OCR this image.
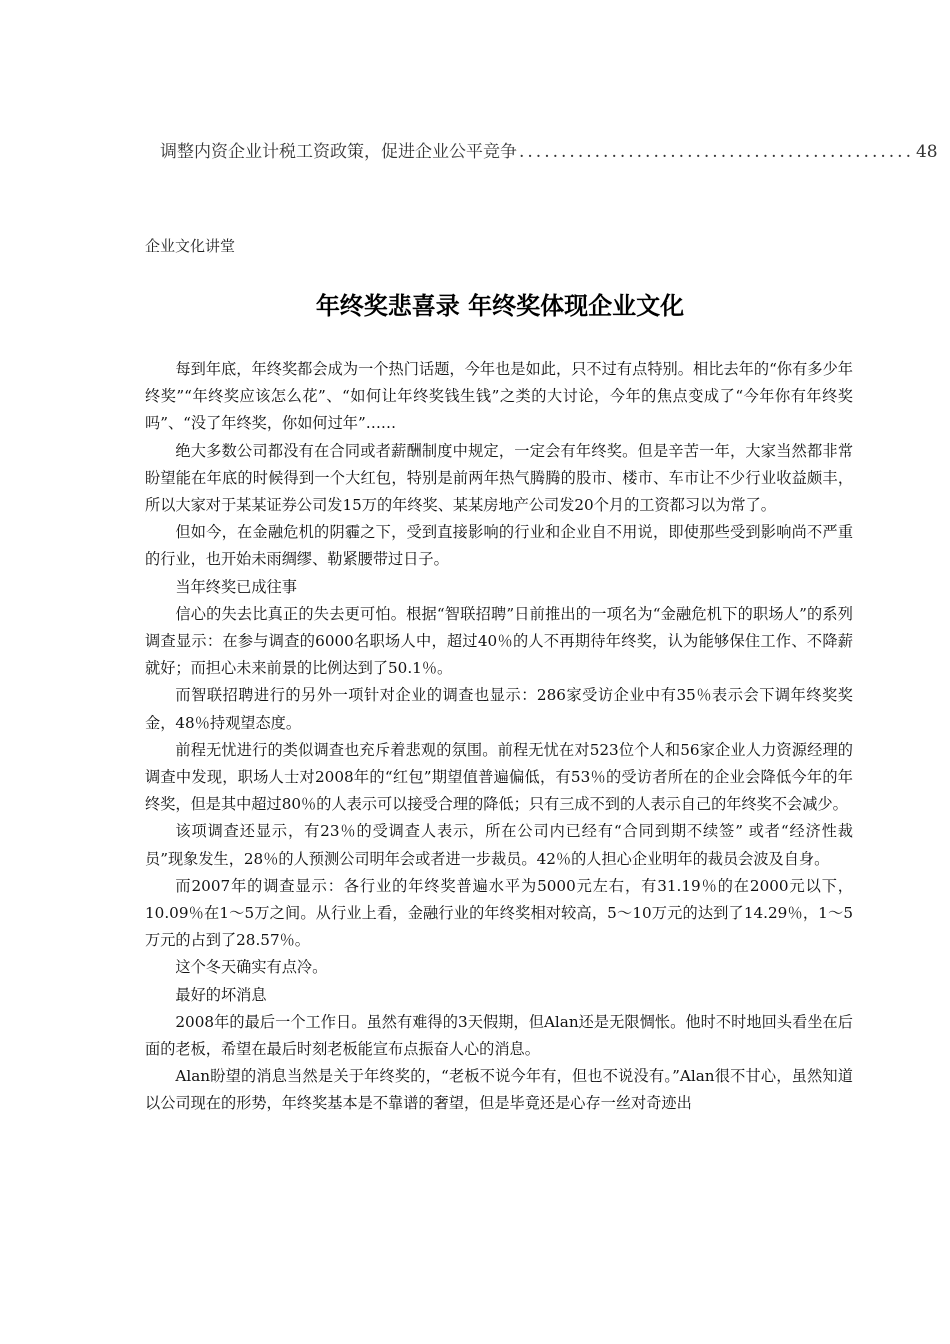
调整内资企业计税工资政策，促进企业公平竞争 ............................................... 48
企业文化讲堂
年终奖悲喜录 年终奖体现企业文化

每到年底，年终奖都会成为一个热门话题，今年也是如此，只不过有点特别。相比去年的“你有多少年终奖”“年终奖应该怎么花”、“如何让年终奖钱生钱”之类的大讨论，今年的焦点变成了“今年你有年终奖吗”、“没了年终奖，你如何过年”……

绝大多数公司都没有在合同或者薪酬制度中规定，一定会有年终奖。但是辛苦一年，大家当然都非常盼望能在年底的时候得到一个大红包，特别是前两年热气腾腾的股市、楼市、车市让不少行业收益颇丰，所以大家对于某某证券公司发15万的年终奖、某某房地产公司发20个月的工资都习以为常了。

但如今，在金融危机的阴霾之下，受到直接影响的行业和企业自不用说，即使那些受到影响尚不严重的行业，也开始未雨绸缪、勒紧腰带过日子。

当年终奖已成往事

信心的失去比真正的失去更可怕。根据“智联招聘”日前推出的一项名为“金融危机下的职场人”的系列调查显示：在参与调查的6000名职场人中，超过40％的人不再期待年终奖，认为能够保住工作、不降薪就好；而担心未来前景的比例达到了50.1％。

而智联招聘进行的另外一项针对企业的调查也显示：286家受访企业中有35％表示会下调年终奖奖金，48％持观望态度。

前程无忧进行的类似调查也充斥着悲观的氛围。前程无忧在对523位个人和56家企业人力资源经理的调查中发现，职场人士对2008年的“红包”期望值普遍偏低，有53％的受访者所在的企业会降低今年的年终奖，但是其中超过80％的人表示可以接受合理的降低；只有三成不到的人表示自己的年终奖不会减少。

该项调查还显示，有23％的受调查人表示，所在公司内已经有“合同到期不续签” 或者“经济性裁员”现象发生，28％的人预测公司明年会或者进一步裁员。42％的人担心企业明年的裁员会波及自身。

而2007年的调查显示：各行业的年终奖普遍水平为5000元左右，有31.19％的在2000元以下，10.09％在1～5万之间。从行业上看，金融行业的年终奖相对较高，5～10万元的达到了14.29％，1～5万元的占到了28.57％。

这个冬天确实有点冷。

最好的坏消息

2008年的最后一个工作日。虽然有难得的3天假期，但Alan还是无限惆怅。他时不时地回头看坐在后面的老板，希望在最后时刻老板能宣布点振奋人心的消息。

Alan盼望的消息当然是关于年终奖的，“老板不说今年有，但也不说没有。”Alan很不甘心，虽然知道以公司现在的形势，年终奖基本是不靠谱的奢望，但是毕竟还是心存一丝对奇迹出
